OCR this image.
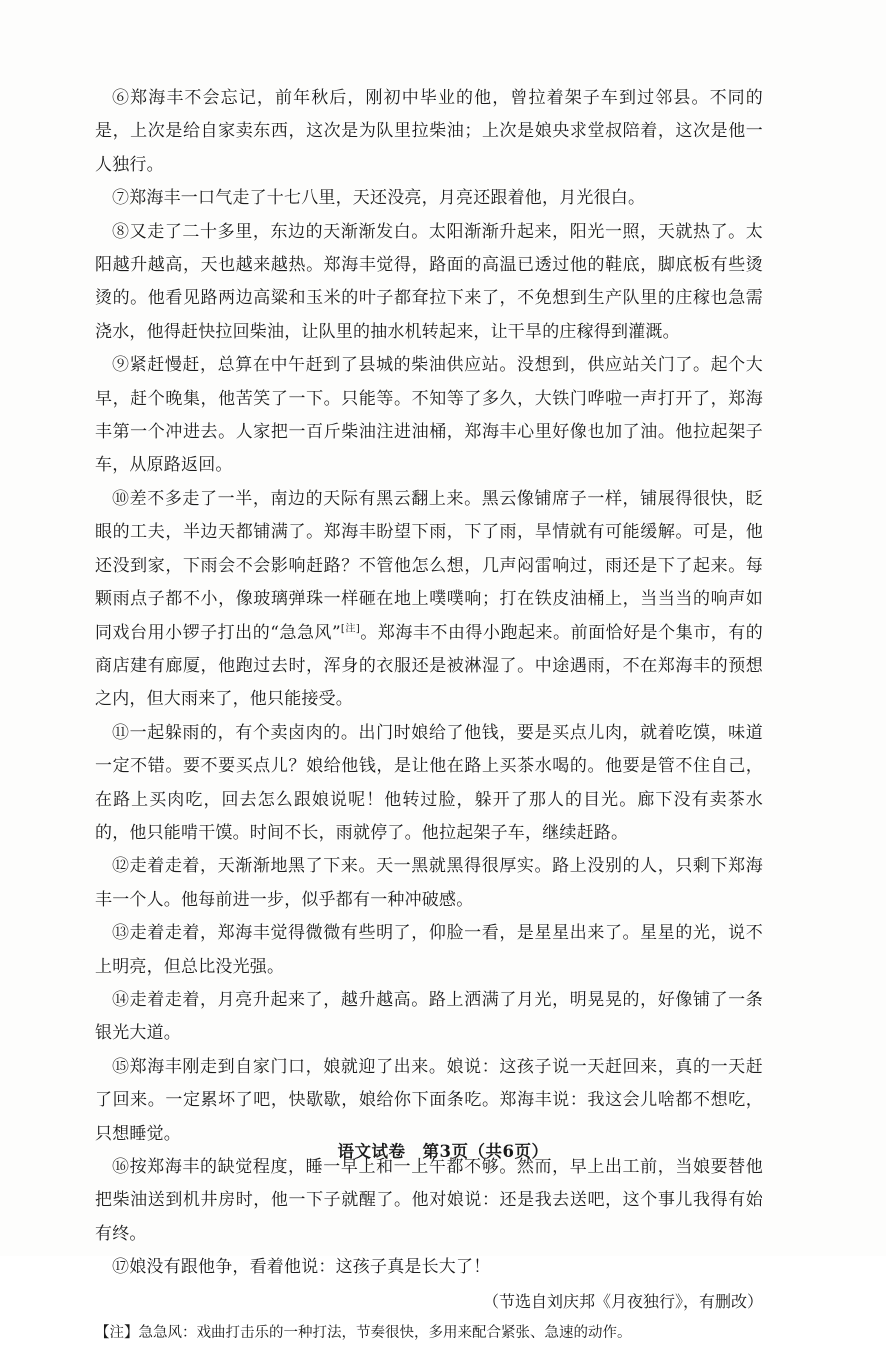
⑥郑海丰不会忘记，前年秋后，刚初中毕业的他，曾拉着架子车到过邻县。不同的是，上次是给自家卖东西，这次是为队里拉柴油；上次是娘央求堂叔陪着，这次是他一人独行。

⑦郑海丰一口气走了十七八里，天还没亮，月亮还跟着他，月光很白。

⑧又走了二十多里，东边的天渐渐发白。太阳渐渐升起来，阳光一照，天就热了。太阳越升越高，天也越来越热。郑海丰觉得，路面的高温已透过他的鞋底，脚底板有些烫烫的。他看见路两边高粱和玉米的叶子都耷拉下来了，不免想到生产队里的庄稼也急需浇水，他得赶快拉回柴油，让队里的抽水机转起来，让干旱的庄稼得到灌溉。

⑨紧赶慢赶，总算在中午赶到了县城的柴油供应站。没想到，供应站关门了。起个大早，赶个晚集，他苦笑了一下。只能等。不知等了多久，大铁门哗啦一声打开了，郑海丰第一个冲进去。人家把一百斤柴油注进油桶，郑海丰心里好像也加了油。他拉起架子车，从原路返回。

⑩差不多走了一半，南边的天际有黑云翻上来。黑云像铺席子一样，铺展得很快，眨眼的工夫，半边天都铺满了。郑海丰盼望下雨，下了雨，旱情就有可能缓解。可是，他还没到家，下雨会不会影响赶路？不管他怎么想，几声闷雷响过，雨还是下了起来。每颗雨点子都不小，像玻璃弹珠一样砸在地上噗噗响；打在铁皮油桶上，当当当的响声如同戏台用小锣子打出的“急急风”[注]。郑海丰不由得小跑起来。前面恰好是个集市，有的商店建有廊厦，他跑过去时，浑身的衣服还是被淋湿了。中途遇雨，不在郑海丰的预想之内，但大雨来了，他只能接受。

⑪一起躲雨的，有个卖卤肉的。出门时娘给了他钱，要是买点儿肉，就着吃馍，味道一定不错。要不要买点儿？娘给他钱，是让他在路上买茶水喝的。他要是管不住自己，在路上买肉吃，回去怎么跟娘说呢！他转过脸，躲开了那人的目光。廊下没有卖茶水的，他只能啃干馍。时间不长，雨就停了。他拉起架子车，继续赶路。

⑫走着走着，天渐渐地黑了下来。天一黑就黑得很厚实。路上没别的人，只剩下郑海丰一个人。他每前进一步，似乎都有一种冲破感。

⑬走着走着，郑海丰觉得微微有些明了，仰脸一看，是星星出来了。星星的光，说不上明亮，但总比没光强。

⑭走着走着，月亮升起来了，越升越高。路上洒满了月光，明晃晃的，好像铺了一条银光大道。

⑮郑海丰刚走到自家门口，娘就迎了出来。娘说：这孩子说一天赶回来，真的一天赶了回来。一定累坏了吧，快歇歇，娘给你下面条吃。郑海丰说：我这会儿啥都不想吃，只想睡觉。

⑯按郑海丰的缺觉程度，睡一早上和一上午都不够。然而，早上出工前，当娘要替他把柴油送到机井房时，他一下子就醒了。他对娘说：还是我去送吧，这个事儿我得有始有终。

⑰娘没有跟他争，看着他说：这孩子真是长大了！

（节选自刘庆邦《月夜独行》，有删改）

【注】急急风：戏曲打击乐的一种打法，节奏很快，多用来配合紧张、急速的动作。

语文试卷　第3页（共6页）
